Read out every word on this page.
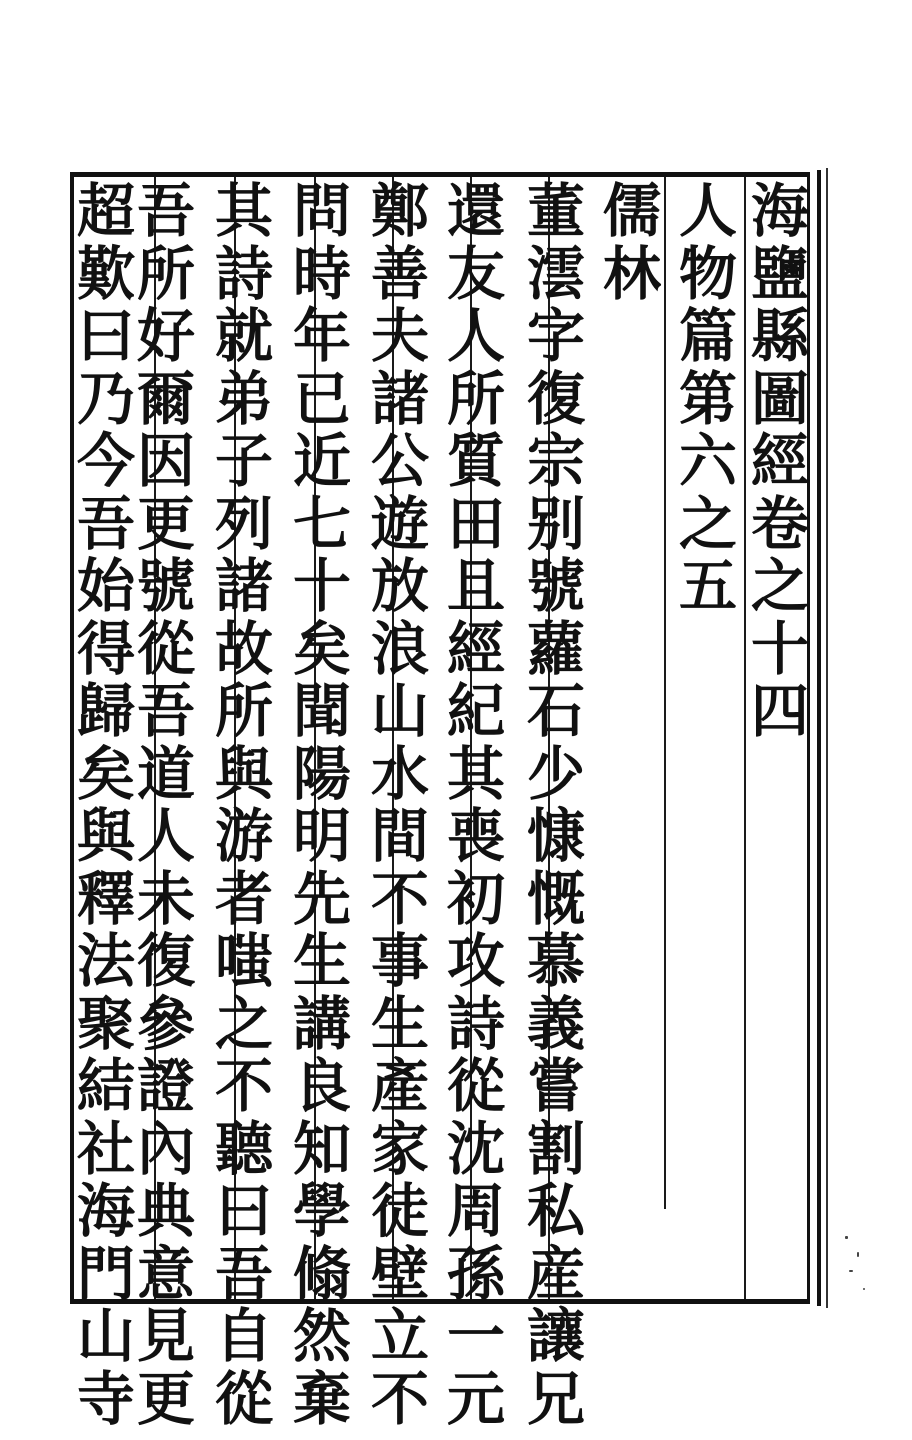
海
鹽
縣
圖
經
卷
之
十
四
人
物
篇
第
六
之
五
儒
林
董
澐
字
復
宗
别
號
蘿
石
少
慷
慨
慕
義
嘗
割
私
産
讓
兄
還
友
人
所
質
田
且
經
紀
其
喪
初
攻
詩
從
沈
周
孫
一
元
鄭
善
夫
諸
公
遊
放
浪
山
水
間
不
事
生
產
家
徒
壁
立
不
問
時
年
已
近
七
十
矣
聞
陽
明
先
生
講
良
知
學
翛
然
棄
其
詩
就
弟
子
列
諸
故
所
與
游
者
嗤
之
不
聽
曰
吾
自
從
吾
所
好
爾
因
更
號
從
吾
道
人
未
復
參
證
內
典
意
見
更
超
歎
曰
乃
今
吾
始
得
歸
矣
與
釋
法
聚
結
社
海
門
山
寺
